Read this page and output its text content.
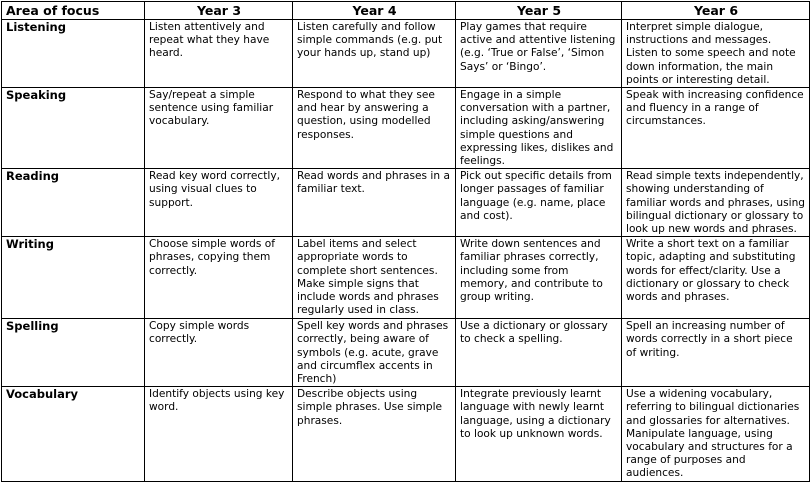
Area of focus	Year 3	Year 4	Year 5	Year 6
Listening	Listen attentively and repeat what they have heard.	Listen carefully and follow simple commands (e.g. put your hands up, stand up)	Play games that require active and attentive listening (e.g. ‘True or False’, ‘Simon Says’ or ‘Bingo’.	Interpret simple dialogue, instructions and messages. Listen to some speech and note down information, the main points or interesting detail.
Speaking	Say/repeat a simple sentence using familiar vocabulary.	Respond to what they see and hear by answering a question, using modelled responses.	Engage in a simple conversation with a partner, including asking/answering simple questions and expressing likes, dislikes and feelings.	Speak with increasing confidence and fluency in a range of circumstances.
Reading	Read key word correctly, using visual clues to support.	Read words and phrases in a familiar text.	Pick out specific details from longer passages of familiar language (e.g. name, place and cost).	Read simple texts independently, showing understanding of familiar words and phrases, using bilingual dictionary or glossary to look up new words and phrases.
Writing	Choose simple words of phrases, copying them correctly.	Label items and select appropriate words to complete short sentences. Make simple signs that include words and phrases regularly used in class.	Write down sentences and familiar phrases correctly, including some from memory, and contribute to group writing.	Write a short text on a familiar topic, adapting and substituting words for effect/clarity. Use a dictionary or glossary to check words and phrases.
Spelling	Copy simple words correctly.	Spell key words and phrases correctly, being aware of symbols (e.g. acute, grave and circumflex accents in French)	Use a dictionary or glossary to check a spelling.	Spell an increasing number of words correctly in a short piece of writing.
Vocabulary	Identify objects using key word.	Describe objects using simple phrases. Use simple phrases.	Integrate previously learnt language with newly learnt language, using a dictionary to look up unknown words.	Use a widening vocabulary, referring to bilingual dictionaries and glossaries for alternatives. Manipulate language, using vocabulary and structures for a range of purposes and audiences.
